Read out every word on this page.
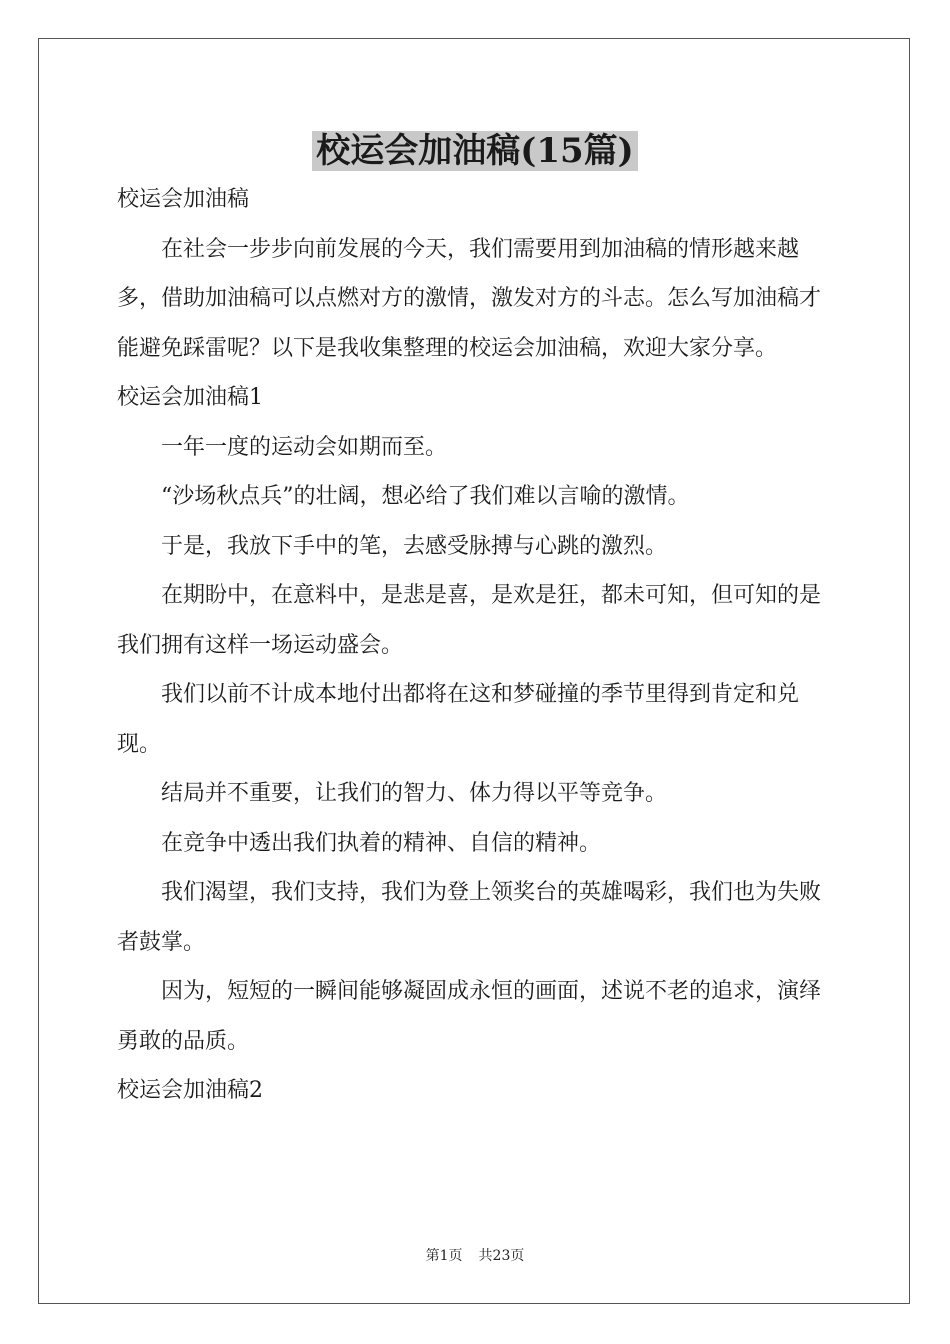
校运会加油稿(15篇)

校运会加油稿

在社会一步步向前发展的今天，我们需要用到加油稿的情形越来越多，借助加油稿可以点燃对方的激情，激发对方的斗志。怎么写加油稿才能避免踩雷呢？以下是我收集整理的校运会加油稿，欢迎大家分享。

校运会加油稿1

一年一度的运动会如期而至。

“沙场秋点兵”的壮阔，想必给了我们难以言喻的激情。

于是，我放下手中的笔，去感受脉搏与心跳的激烈。

在期盼中，在意料中，是悲是喜，是欢是狂，都未可知，但可知的是我们拥有这样一场运动盛会。

我们以前不计成本地付出都将在这和梦碰撞的季节里得到肯定和兑现。

结局并不重要，让我们的智力、体力得以平等竞争。

在竞争中透出我们执着的精神、自信的精神。

我们渴望，我们支持，我们为登上领奖台的英雄喝彩，我们也为失败者鼓掌。

因为，短短的一瞬间能够凝固成永恒的画面，述说不老的追求，演绎勇敢的品质。

校运会加油稿2

第1页 共23页
